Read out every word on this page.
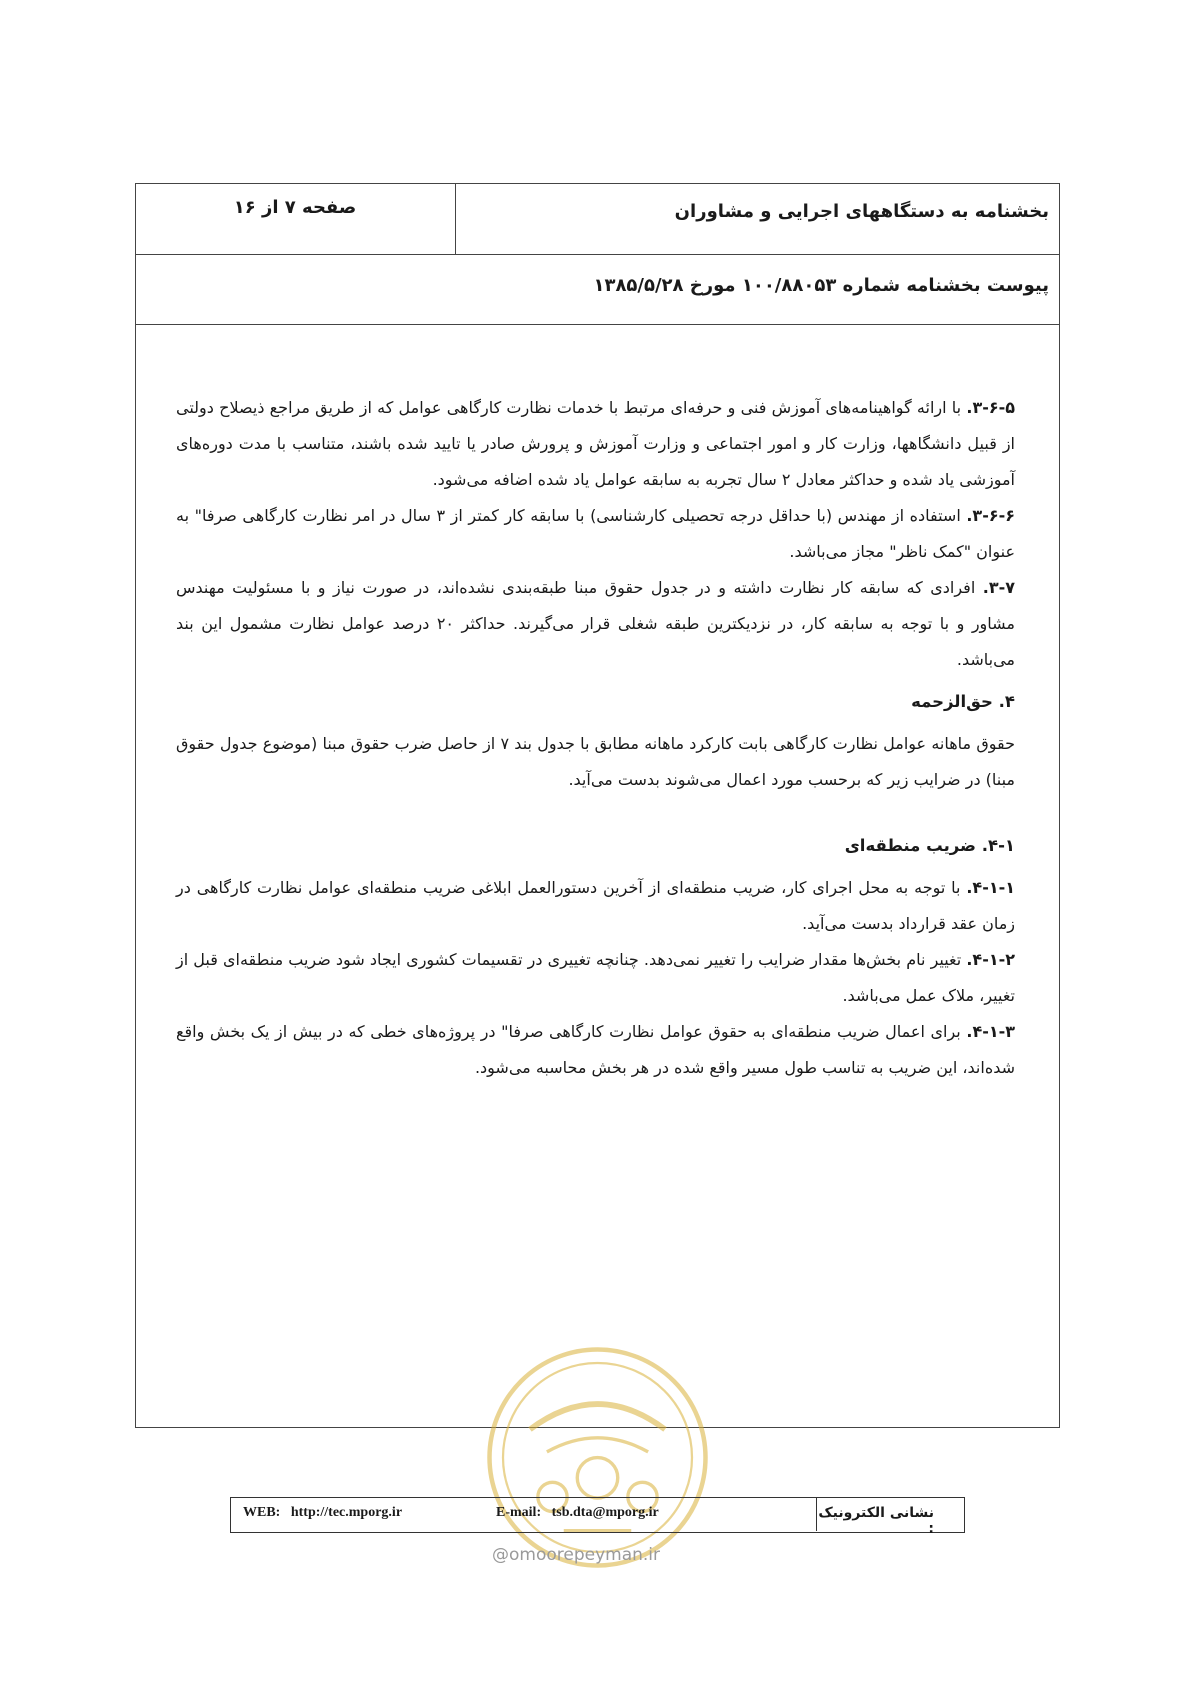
بخشنامه به دستگاههای اجرایی و مشاوران
صفحه ۷ از ۱۶
پیوست بخشنامه شماره ۱۰۰/۸۸۰۵۳ مورخ ۱۳۸۵/۵/۲۸

۳-۶-۵. با ارائه گواهینامه‌های آموزش فنی و حرفه‌ای مرتبط با خدمات نظارت کارگاهی عوامل که از طریق مراجع ذیصلاح دولتی از قبیل دانشگاهها، وزارت کار و امور اجتماعی و وزارت آموزش و پرورش صادر یا تایید شده باشند، متناسب با مدت دوره‌های آموزشی یاد شده و حداکثر معادل ۲ سال تجربه به سابقه عوامل یاد شده اضافه می‌شود.

۳-۶-۶. استفاده از مهندس (با حداقل درجه تحصیلی کارشناسی) با سابقه کار کمتر از ۳ سال در امر نظارت کارگاهی صرفا" به عنوان "کمک ناظر" مجاز می‌باشد.

۳-۷. افرادی که سابقه کار نظارت داشته و در جدول حقوق مبنا طبقه‌بندی نشده‌اند، در صورت نیاز و با مسئولیت مهندس مشاور و با توجه به سابقه کار، در نزدیکترین طبقه شغلی قرار می‌گیرند. حداکثر ۲۰ درصد عوامل نظارت مشمول این بند می‌باشد.

۴. حق‌الزحمه

حقوق ماهانه عوامل نظارت کارگاهی بابت کارکرد ماهانه مطابق با جدول بند ۷ از حاصل ضرب حقوق مبنا (موضوع جدول حقوق مبنا) در ضرایب زیر که برحسب مورد اعمال می‌شوند بدست می‌آید.

۴-۱. ضریب منطقه‌ای

۴-۱-۱. با توجه به محل اجرای کار، ضریب منطقه‌ای از آخرین دستورالعمل ابلاغی ضریب منطقه‌ای عوامل نظارت کارگاهی در زمان عقد قرارداد بدست می‌آید.

۴-۱-۲. تغییر نام بخش‌ها مقدار ضرایب را تغییر نمی‌دهد. چنانچه تغییری در تقسیمات کشوری ایجاد شود ضریب منطقه‌ای قبل از تغییر، ملاک عمل می‌باشد.

۴-۱-۳. برای اعمال ضریب منطقه‌ای به حقوق عوامل نظارت کارگاهی صرفا" در پروژه‌های خطی که در بیش از یک بخش واقع شده‌اند، این ضریب به تناسب طول مسیر واقع شده در هر بخش محاسبه می‌شود.

نشانی الکترونیک :
E-mail:   tsb.dta@mporg.ir
WEB:   http://tec.mporg.ir
@omoorepeyman.ir
